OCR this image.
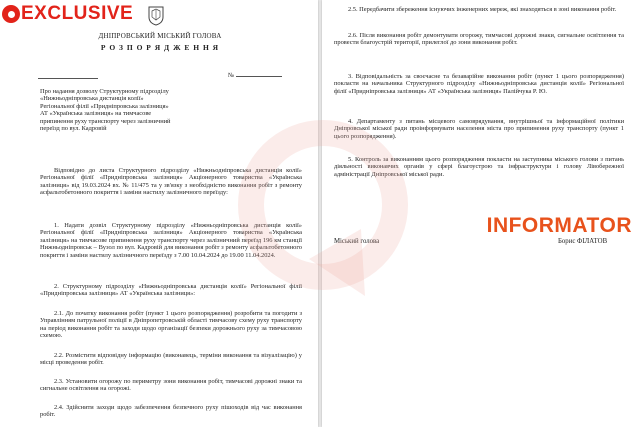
EXCLUSIVE
ДНІПРОВСЬКИЙ МІСЬКИЙ ГОЛОВА
Р О З П О Р Я Д Ж Е Н Н Я
№
Про надання дозволу Структурному підрозділу «Нижньодніпровська дистанція колії» Регіональної філії «Придніпровська залізниця» АТ «Українська залізниця» на тимчасове припинення руху транспорту через залізничний переїзд по вул. Кадровій
Відповідно до листа Структурного підрозділу «Нижньодніпровська дистанція колії» Регіональної філії «Придніпровська залізниця» Акціонерного товариства «Українська залізниця» від 19.03.2024 вх. № 11/475 та у зв'язку з необхідністю виконання робіт з ремонту асфальтобетонного покриття і заміни настилу залізничного переїзду:
1. Надати дозвіл Структурному підрозділу «Нижньодніпровська дистанція колії» Регіональної філії «Придніпровська залізниця» Акціонерного товариства «Українська залізниця» на тимчасове припинення руху транспорту через залізничний переїзд 196 км станції Нижньодніпровськ – Вузол по вул. Кадровій для виконання робіт з ремонту асфальтобетонного покриття і заміни настилу залізничного переїзду з 7.00 10.04.2024 до 19.00 11.04.2024.
2. Структурному підрозділу «Нижньодніпровська дистанція колії» Регіональної філії «Придніпровська залізниця» АТ «Українська залізниця»:
2.1. До початку виконання робіт (пункт 1 цього розпорядження) розробити та погодити з Управлінням патрульної поліції в Дніпропетровській області тимчасову схему руху транспорту на період виконання робіт та заходи щодо організації безпеки дорожнього руху за тимчасовою схемою.
2.2. Розмістити відповідну інформацію (виконавець, терміни виконання та візуалізацію) у місці проведення робіт.
2.3. Установити огорожу по периметру зони виконання робіт, тимчасові дорожні знаки та сигнальне освітлення на огорожі.
2.4. Здійснити заходи щодо забезпечення безпечного руху пішоходів від час виконання робіт.
2.5. Передбачити збереження існуючих інженерних мереж, які знаходяться в зоні виконання робіт.
2.6. Після виконання робіт демонтувати огорожу, тимчасові дорожні знаки, сигнальне освітлення та провести благоустрій території, прилеглої до зони виконання робіт.
3. Відповідальність за своєчасне та безаварійне виконання робіт (пункт 1 цього розпорядження) покласти на начальника Структурного підрозділу «Нижньодніпровська дистанція колії» Регіональної філії «Придніпровська залізниця» АТ «Українська залізниця» Палійчука Р. Ю.
4. Департаменту з питань місцевого самоврядування, внутрішньої та інформаційної політики Дніпровської міської ради проінформувати населення міста про припинення руху транспорту (пункт 1 цього розпорядження).
5. Контроль за виконанням цього розпорядження покласти на заступника міського голови з питань діяльності виконавчих органів у сфері благоустрою та інфраструктури і голову Лівобережної адміністрації Дніпровської міської ради.
Міський голова	Борис ФІЛАТОВ
INFORMATOR
